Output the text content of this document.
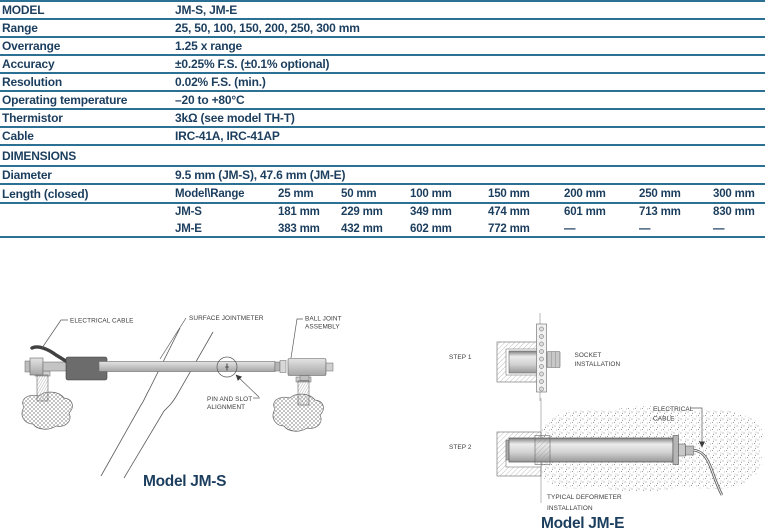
MODEL	JM-S, JM-E
Range	25, 50, 100, 150, 200, 250, 300 mm
Overrange	1.25 x range
Accuracy	±0.25% F.S. (±0.1% optional)
Resolution	0.02% F.S. (min.)
Operating temperature	–20 to +80°C
Thermistor	3kΩ (see model TH-T)
Cable	IRC-41A, IRC-41AP
DIMENSIONS
Diameter	9.5 mm (JM-S), 47.6 mm (JM-E)
Length (closed)	Model\Range	25 mm	50 mm	100 mm	150 mm	200 mm	250 mm	300 mm
JM-S	181 mm	229 mm	349 mm	474 mm	601 mm	713 mm	830 mm
JM-E	383 mm	432 mm	602 mm	772 mm	—	—	—
ELECTRICAL CABLE	SURFACE JOINTMETER	BALL JOINT
ASSEMBLY
PIN AND SLOT
ALIGNMENT
Model JM-S
STEP 1	SOCKET
INSTALLATION
STEP 2
ELECTRICAL
CABLE
TYPICAL DEFORMETER
INSTALLATION
Model JM-E
